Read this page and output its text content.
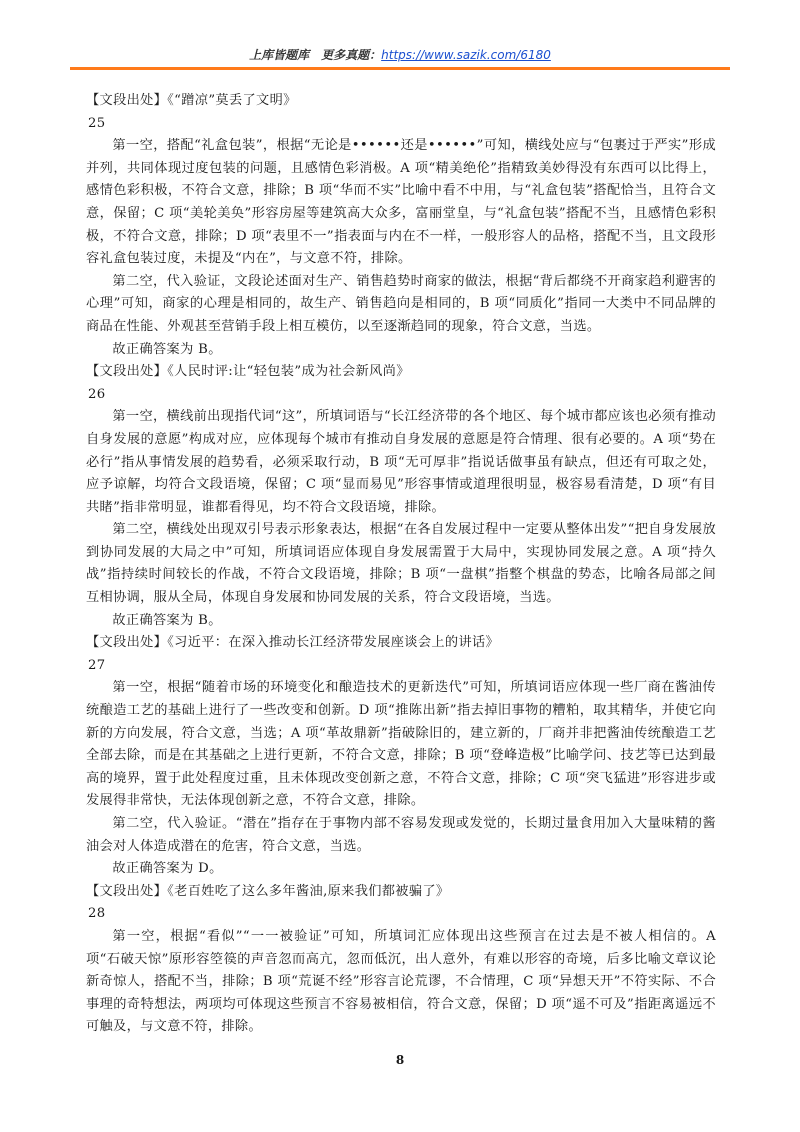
上库皆题库　更多真题：https://www.sazik.com/6180

【文段出处】《“蹭凉”莫丢了文明》

25

第一空，搭配“礼盒包装”，根据“无论是••••••还是••••••”可知，横线处应与“包裹过于严实”形成并列，共同体现过度包装的问题，且感情色彩消极。A 项“精美绝伦”指精致美妙得没有东西可以比得上，感情色彩积极，不符合文意，排除；B 项“华而不实”比喻中看不中用，与“礼盒包装”搭配恰当，且符合文意，保留；C 项“美轮美奂”形容房屋等建筑高大众多，富丽堂皇，与“礼盒包装”搭配不当，且感情色彩积极，不符合文意，排除；D 项“表里不一”指表面与内在不一样，一般形容人的品格，搭配不当，且文段形容礼盒包装过度，未提及“内在”，与文意不符，排除。

第二空，代入验证，文段论述面对生产、销售趋势时商家的做法，根据“背后都绕不开商家趋利避害的心理”可知，商家的心理是相同的，故生产、销售趋向是相同的，B 项“同质化”指同一大类中不同品牌的商品在性能、外观甚至营销手段上相互模仿，以至逐渐趋同的现象，符合文意，当选。

故正确答案为 B。

【文段出处】《人民时评:让“轻包装”成为社会新风尚》

26

第一空，横线前出现指代词“这”，所填词语与“长江经济带的各个地区、每个城市都应该也必须有推动自身发展的意愿”构成对应，应体现每个城市有推动自身发展的意愿是符合情理、很有必要的。A 项“势在必行”指从事情发展的趋势看，必须采取行动，B 项“无可厚非”指说话做事虽有缺点，但还有可取之处，应予谅解，均符合文段语境，保留；C 项“显而易见”形容事情或道理很明显，极容易看清楚，D 项“有目共睹”指非常明显，谁都看得见，均不符合文段语境，排除。

第二空，横线处出现双引号表示形象表达，根据“在各自发展过程中一定要从整体出发”“把自身发展放到协同发展的大局之中”可知，所填词语应体现自身发展需置于大局中，实现协同发展之意。A 项“持久战”指持续时间较长的作战，不符合文段语境，排除；B 项“一盘棋”指整个棋盘的势态，比喻各局部之间互相协调，服从全局，体现自身发展和协同发展的关系，符合文段语境，当选。

故正确答案为 B。

【文段出处】《习近平：在深入推动长江经济带发展座谈会上的讲话》

27

第一空，根据“随着市场的环境变化和酿造技术的更新迭代”可知，所填词语应体现一些厂商在酱油传统酿造工艺的基础上进行了一些改变和创新。D 项“推陈出新”指去掉旧事物的糟粕，取其精华，并使它向新的方向发展，符合文意，当选；A 项“革故鼎新”指破除旧的，建立新的，厂商并非把酱油传统酿造工艺全部去除，而是在其基础之上进行更新，不符合文意，排除；B 项“登峰造极”比喻学问、技艺等已达到最高的境界，置于此处程度过重，且未体现改变创新之意，不符合文意，排除；C 项“突飞猛进”形容进步或发展得非常快，无法体现创新之意，不符合文意，排除。

第二空，代入验证。“潜在”指存在于事物内部不容易发现或发觉的，长期过量食用加入大量味精的酱油会对人体造成潜在的危害，符合文意，当选。

故正确答案为 D。

【文段出处】《老百姓吃了这么多年酱油,原来我们都被骗了》

28

第一空，根据“看似”“一一被验证”可知，所填词汇应体现出这些预言在过去是不被人相信的。A 项“石破天惊”原形容箜篌的声音忽而高亢，忽而低沉，出人意外，有难以形容的奇境，后多比喻文章议论新奇惊人，搭配不当，排除；B 项“荒诞不经”形容言论荒谬，不合情理，C 项“异想天开”不符实际、不合事理的奇特想法，两项均可体现这些预言不容易被相信，符合文意，保留；D 项“遥不可及”指距离遥远不可触及，与文意不符，排除。

8
